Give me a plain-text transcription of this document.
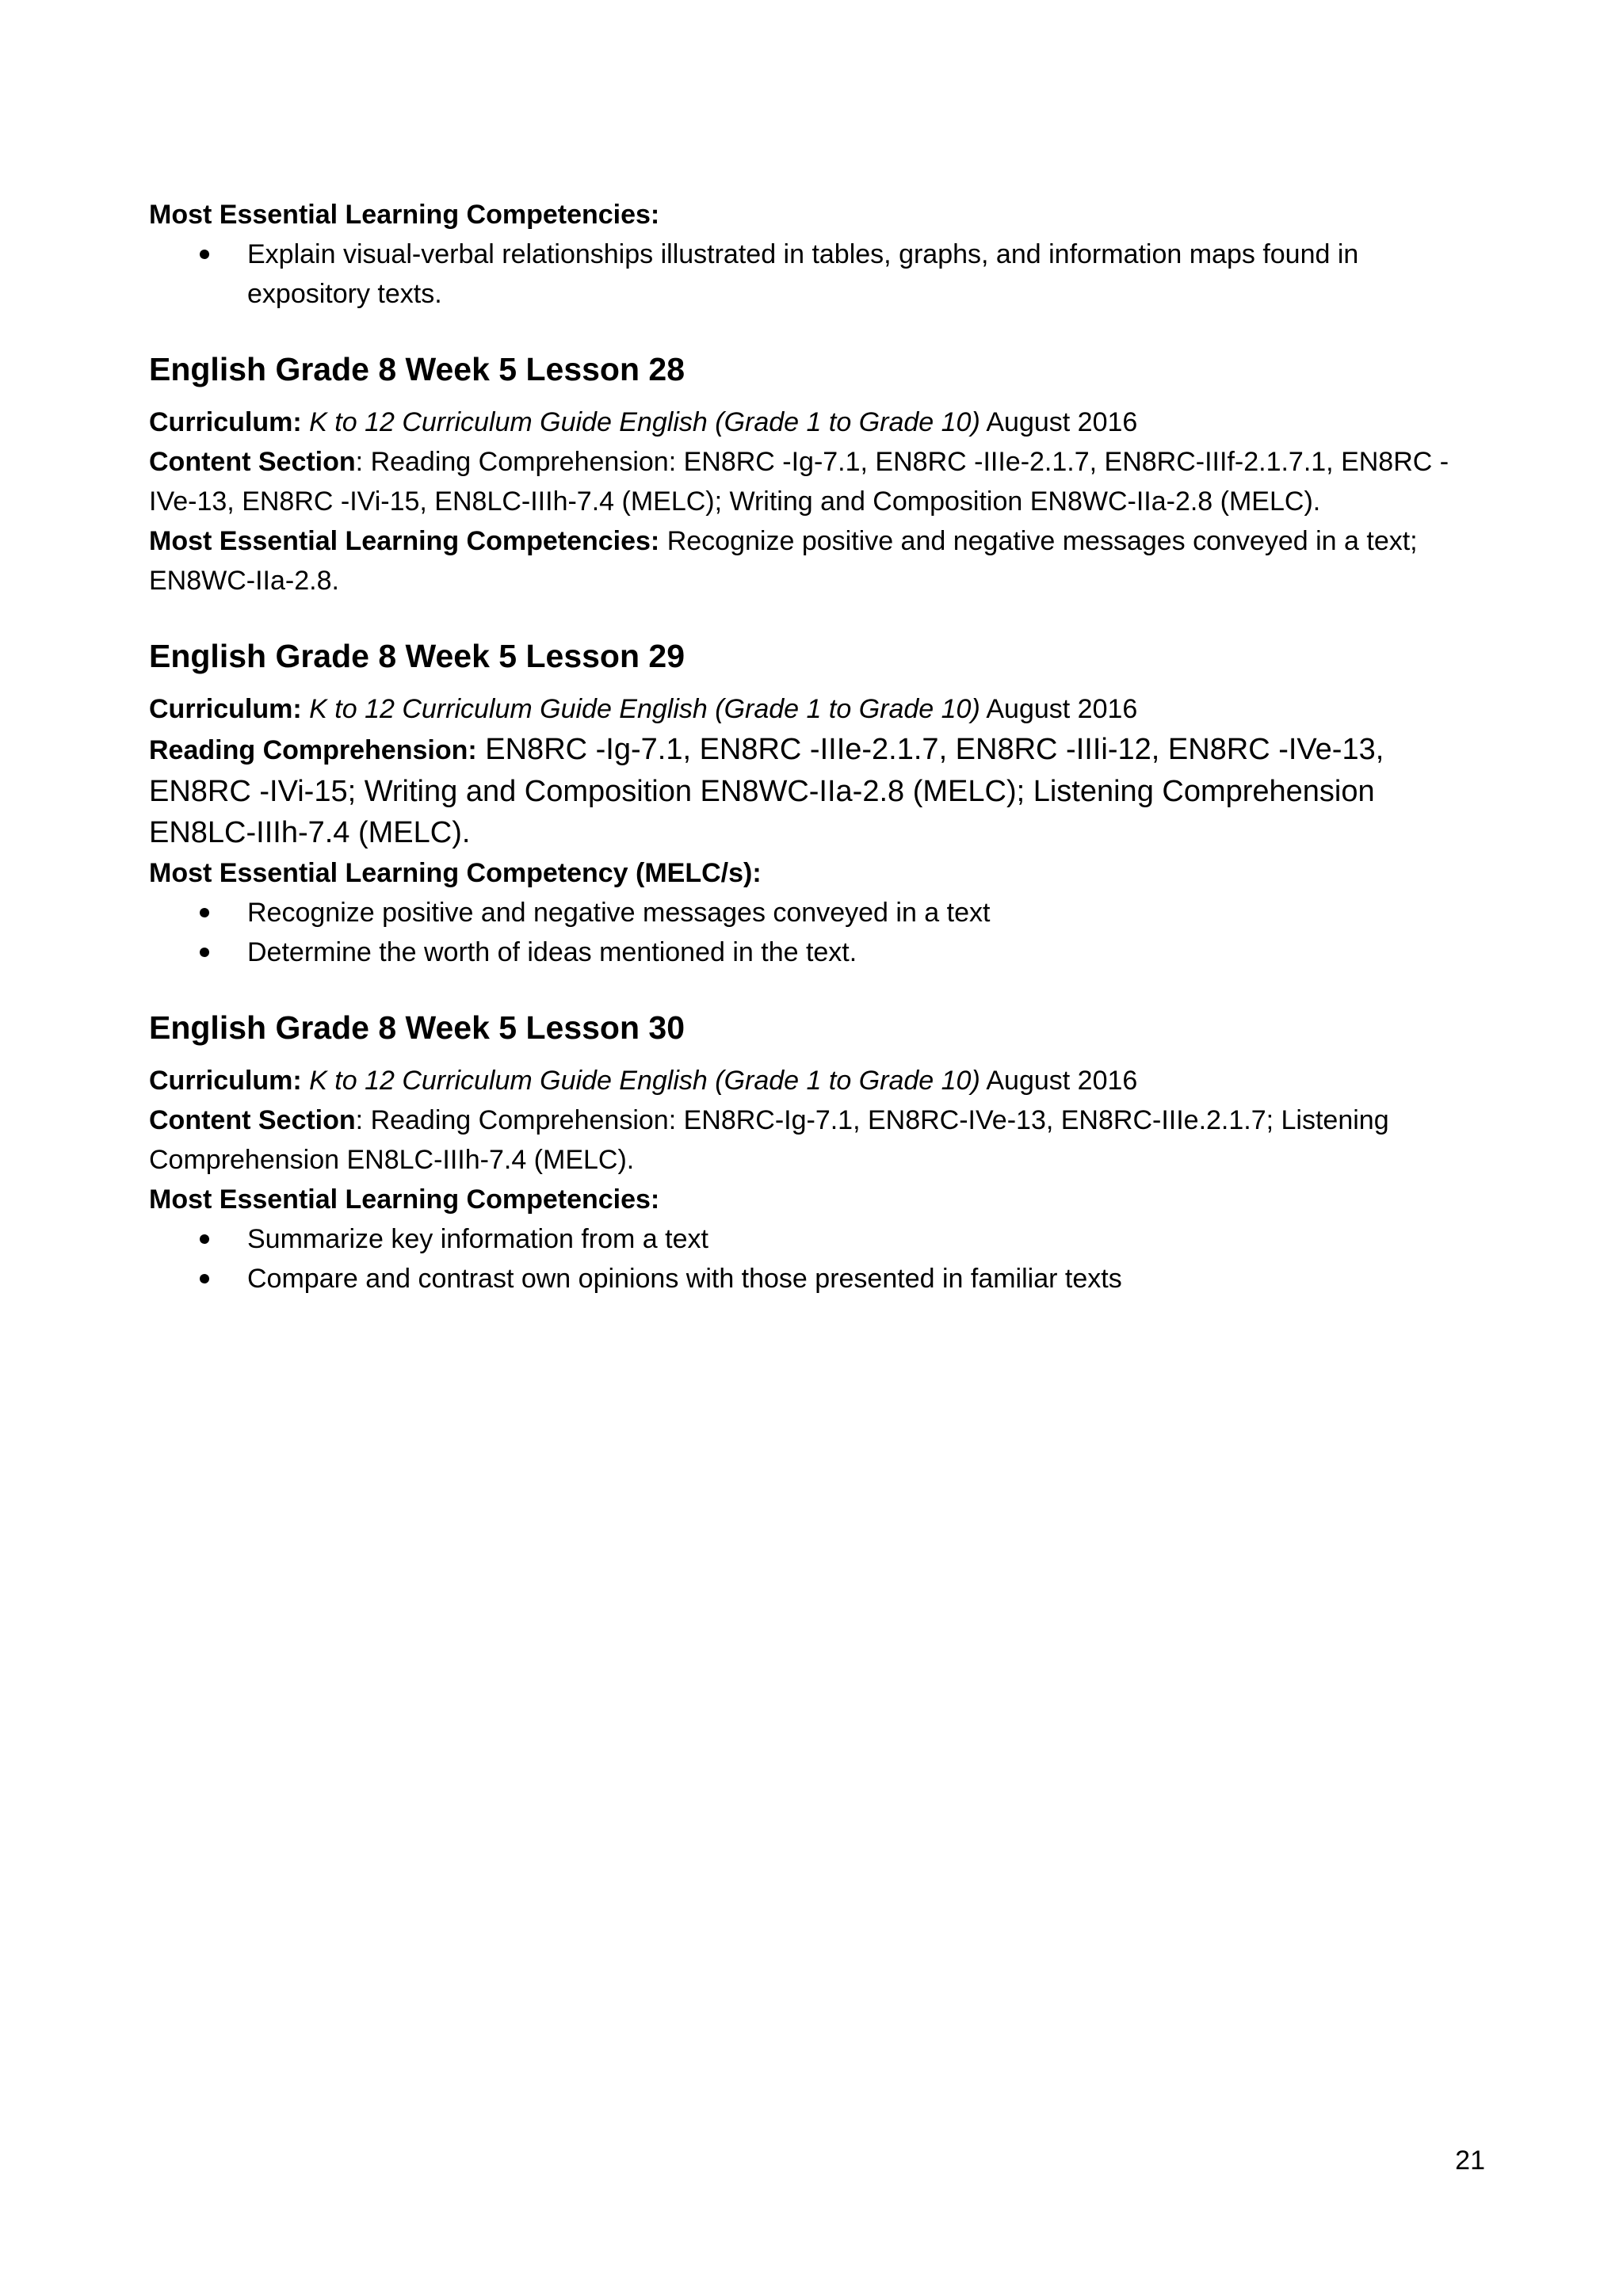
Most Essential Learning Competencies:

Explain visual-verbal relationships illustrated in tables, graphs, and information maps found in expository texts.
English Grade 8 Week 5 Lesson 28

Curriculum: K to 12 Curriculum Guide English (Grade 1 to Grade 10) August 2016

Content Section: Reading Comprehension: EN8RC -Ig-7.1, EN8RC -IIIe-2.1.7, EN8RC-IIIf-2.1.7.1, EN8RC -IVe-13, EN8RC -IVi-15, EN8LC-IIIh-7.4 (MELC); Writing and Composition EN8WC-IIa-2.8 (MELC).

Most Essential Learning Competencies: Recognize positive and negative messages conveyed in a text; EN8WC-IIa-2.8.

English Grade 8 Week 5 Lesson 29

Curriculum: K to 12 Curriculum Guide English (Grade 1 to Grade 10) August 2016

Reading Comprehension: EN8RC -Ig-7.1, EN8RC -IIIe-2.1.7, EN8RC -IIIi-12, EN8RC -IVe-13, EN8RC -IVi-15; Writing and Composition EN8WC-IIa-2.8 (MELC); Listening Comprehension EN8LC-IIIh-7.4 (MELC).

Most Essential Learning Competency (MELC/s):

Recognize positive and negative messages conveyed in a text
Determine the worth of ideas mentioned in the text.
English Grade 8 Week 5 Lesson 30

Curriculum: K to 12 Curriculum Guide English (Grade 1 to Grade 10) August 2016

Content Section: Reading Comprehension: EN8RC-Ig-7.1, EN8RC-IVe-13, EN8RC-IIIe.2.1.7; Listening Comprehension EN8LC-IIIh-7.4 (MELC).

Most Essential Learning Competencies:

Summarize key information from a text
Compare and contrast own opinions with those presented in familiar texts
21
